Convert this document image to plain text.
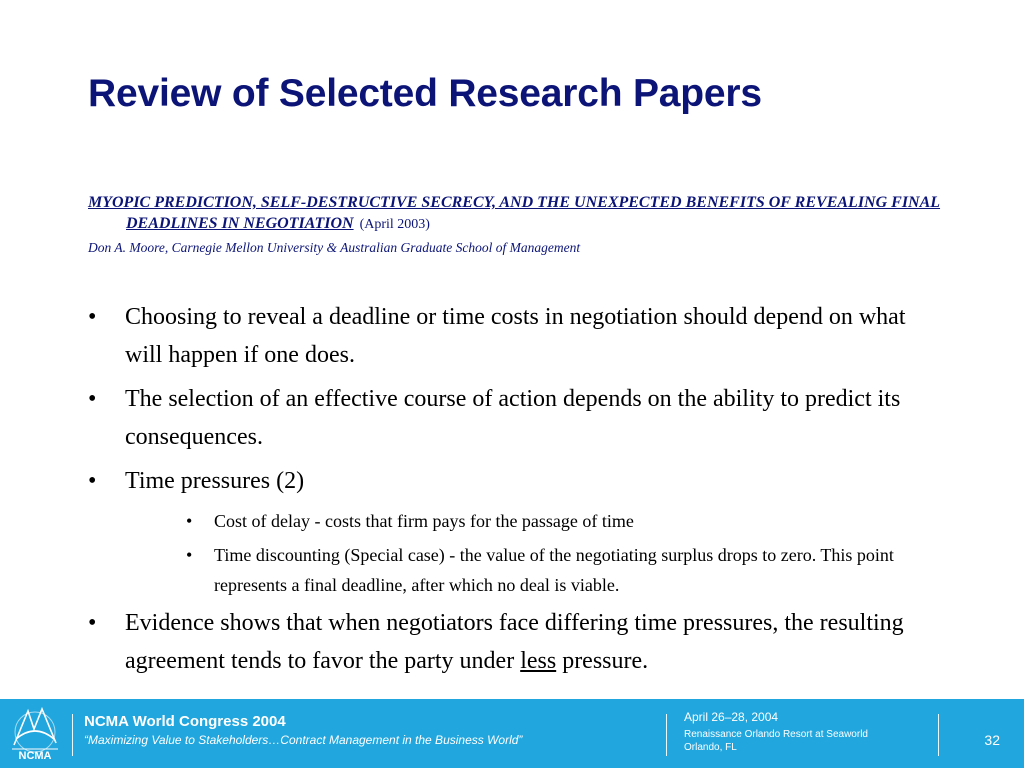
Review of Selected Research Papers
MYOPIC PREDICTION, SELF-DESTRUCTIVE SECRECY, AND THE UNEXPECTED BENEFITS OF REVEALING FINAL DEADLINES IN NEGOTIATION (April 2003)
Don A. Moore, Carnegie Mellon University & Australian Graduate School of Management
• Choosing to reveal a deadline or time costs in negotiation should depend on what will happen if one does.
• The selection of an effective course of action depends on the ability to predict its consequences.
• Time pressures (2)
• Cost of delay - costs that firm pays for the passage of time
• Time discounting (Special case) - the value of the negotiating surplus drops to zero. This point represents a final deadline, after which no deal is viable.
• Evidence shows that when negotiators face differing time pressures, the resulting agreement tends to favor the party under less pressure.
NCMA
NCMA World Congress 2004
“Maximizing Value to Stakeholders…Contract Management in the Business World”
April 26–28, 2004
Renaissance Orlando Resort at Seaworld
Orlando, FL	32
